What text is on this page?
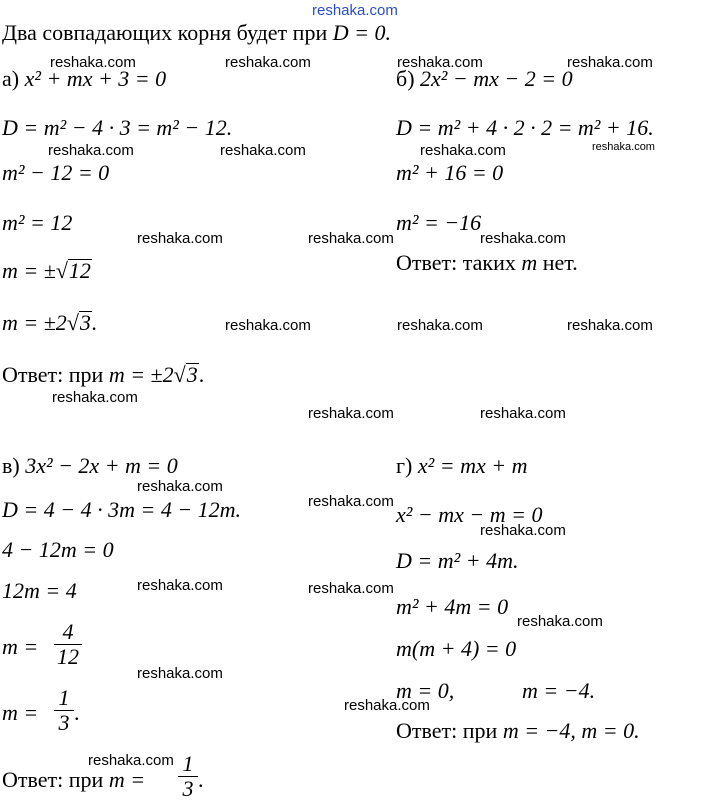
reshaka.com
Два совпадающих корня будет при D = 0.
а) x² + mx + 3 = 0
D = m² − 4 · 3 = m² − 12.
m² − 12 = 0
m² = 12
m = ±√12
m = ±2√3.
Ответ: при m = ±2√3.
б) 2x² − mx − 2 = 0
D = m² + 4 · 2 · 2 = m² + 16.
m² + 16 = 0
m² = −16
Ответ: таких m нет.
в) 3x² − 2x + m = 0
D = 4 − 4 · 3m = 4 − 12m.
4 − 12m = 0
12m = 4
m =
4
12
m =
1
3 .
Ответ: при m =
1
3 .
г) x² = mx + m
x² − mx − m = 0
D = m² + 4m.
m² + 4m = 0
m(m + 4) = 0
m = 0,	m = −4.
Ответ: при m = −4, m = 0.
reshaka.com	reshaka.com	reshaka.com	reshaka.com
reshaka.com	reshaka.com	reshaka.com	reshaka.com
reshaka.com	reshaka.com	reshaka.com
reshaka.com	reshaka.com	reshaka.com
reshaka.com
reshaka.com	reshaka.com
reshaka.com
reshaka.com
reshaka.com
reshaka.com	reshaka.com
reshaka.com
reshaka.com
reshaka.com
reshaka.com
